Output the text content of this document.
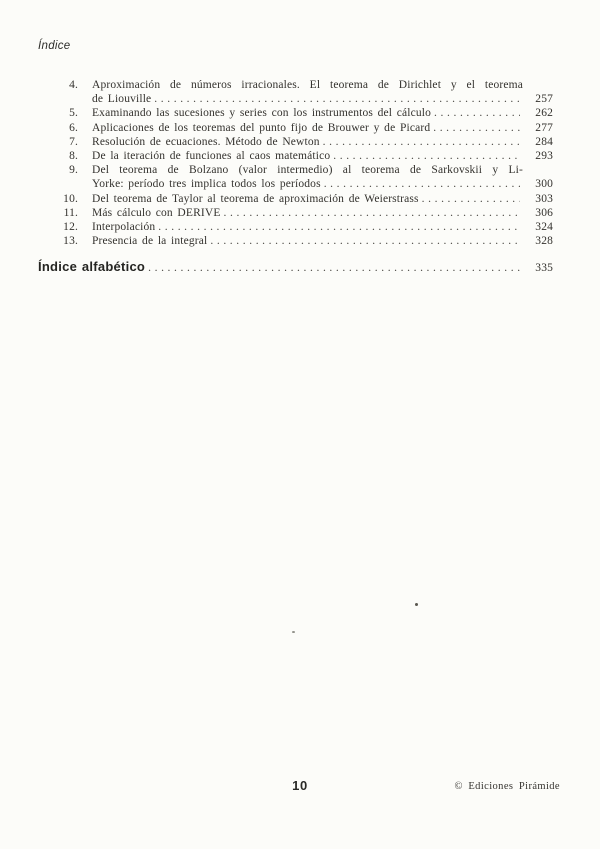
Índice
4. Aproximación de números irracionales. El teorema de Dirichlet y el teorema
de Liouville .....	257
5. Examinando las sucesiones y series con los instrumentos del cálculo .....	262
6. Aplicaciones de los teoremas del punto fijo de Brouwer y de Picard .....	277
7. Resolución de ecuaciones. Método de Newton .....	284
8. De la iteración de funciones al caos matemático .....	293
9. Del teorema de Bolzano (valor intermedio) al teorema de Sarkovskii y Li-
Yorke: período tres implica todos los períodos .....	300
10. Del teorema de Taylor al teorema de aproximación de Weierstrass .....	303
11. Más cálculo con DERIVE .....	306
12. Interpolación .....	324
13. Presencia de la integral .....	328
Índice alfabético .....	335
10	© Ediciones Pirámide
